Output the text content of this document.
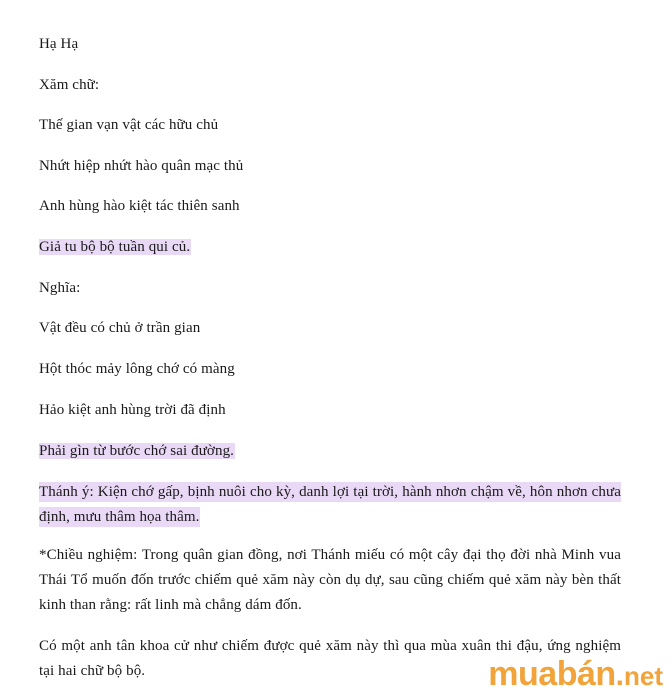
Hạ Hạ
Xăm chữ:
Thế gian vạn vật các hữu chủ
Nhứt hiệp nhứt hào quân mạc thủ
Anh hùng hào kiệt tác thiên sanh
Giả tu bộ bộ tuần qui củ.
Nghĩa:
Vật đều có chủ ở trần gian
Hột thóc mảy lông chớ có màng
Hảo kiệt anh hùng trời đã định
Phải gìn từ bước chớ sai đường.
Thánh ý: Kiện chớ gấp, bịnh nuôi cho kỳ, danh lợi tại trời, hành nhơn chậm về, hôn nhơn chưa định, mưu thâm họa thâm.
*Chiều nghiệm: Trong quân gian đồng, nơi Thánh miếu có một cây đại thọ đời nhà Minh vua Thái Tổ muốn đốn trước chiếm quẻ xăm này còn dụ dự, sau cũng chiếm quẻ xăm này bèn thất kinh than rằng: rất linh mà chẳng dám đốn.
Có một anh tân khoa cử như chiếm được quẻ xăm này thì qua mùa xuân thi đậu, ứng nghiệm tại hai chữ bộ bộ.	muabán . net
